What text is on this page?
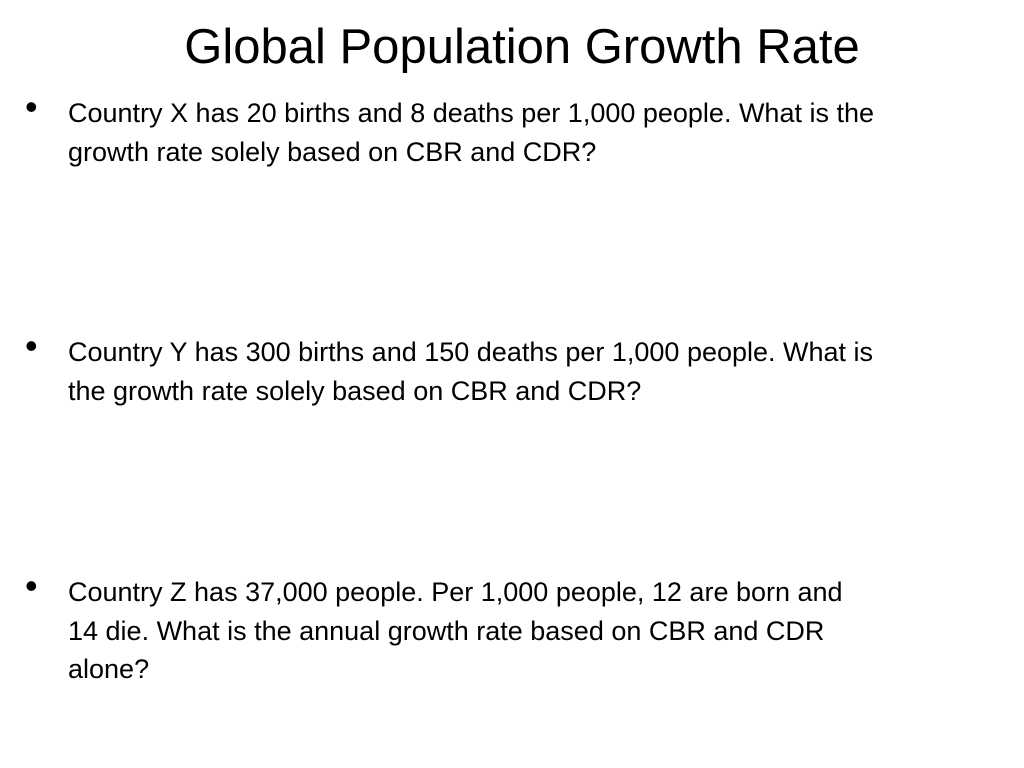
Global Population Growth Rate
• Country X has 20 births and 8 deaths per 1,000 people. What is the
growth rate solely based on CBR and CDR?
• Country Y has 300 births and 150 deaths per 1,000 people. What is
the growth rate solely based on CBR and CDR?
• Country Z has 37,000 people. Per 1,000 people, 12 are born and
14 die. What is the annual growth rate based on CBR and CDR
alone?
